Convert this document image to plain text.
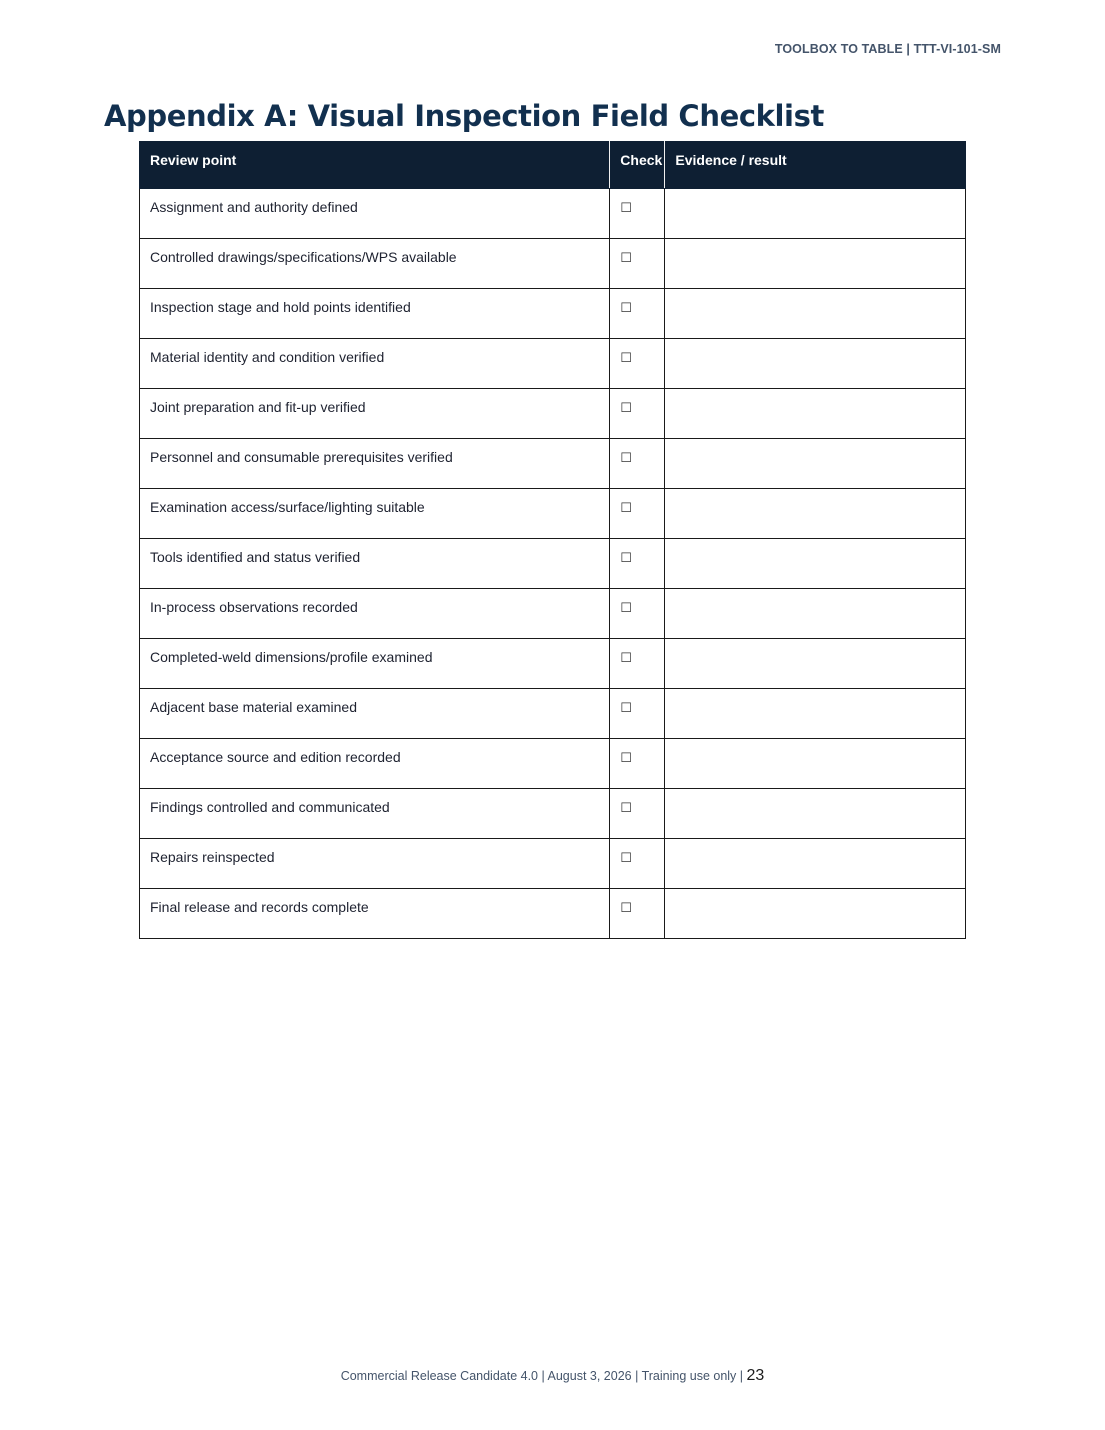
TOOLBOX TO TABLE | TTT-VI-101-SM
Appendix A: Visual Inspection Field Checklist
Review point	Check	Evidence / result
Assignment and authority defined	☐	
Controlled drawings/specifications/WPS available	☐	
Inspection stage and hold points identified	☐	
Material identity and condition verified	☐	
Joint preparation and fit-up verified	☐	
Personnel and consumable prerequisites verified	☐	
Examination access/surface/lighting suitable	☐	
Tools identified and status verified	☐	
In-process observations recorded	☐	
Completed-weld dimensions/profile examined	☐	
Adjacent base material examined	☐	
Acceptance source and edition recorded	☐	
Findings controlled and communicated	☐	
Repairs reinspected	☐	
Final release and records complete	☐	
Commercial Release Candidate 4.0 | August 3, 2026 | Training use only | 23
